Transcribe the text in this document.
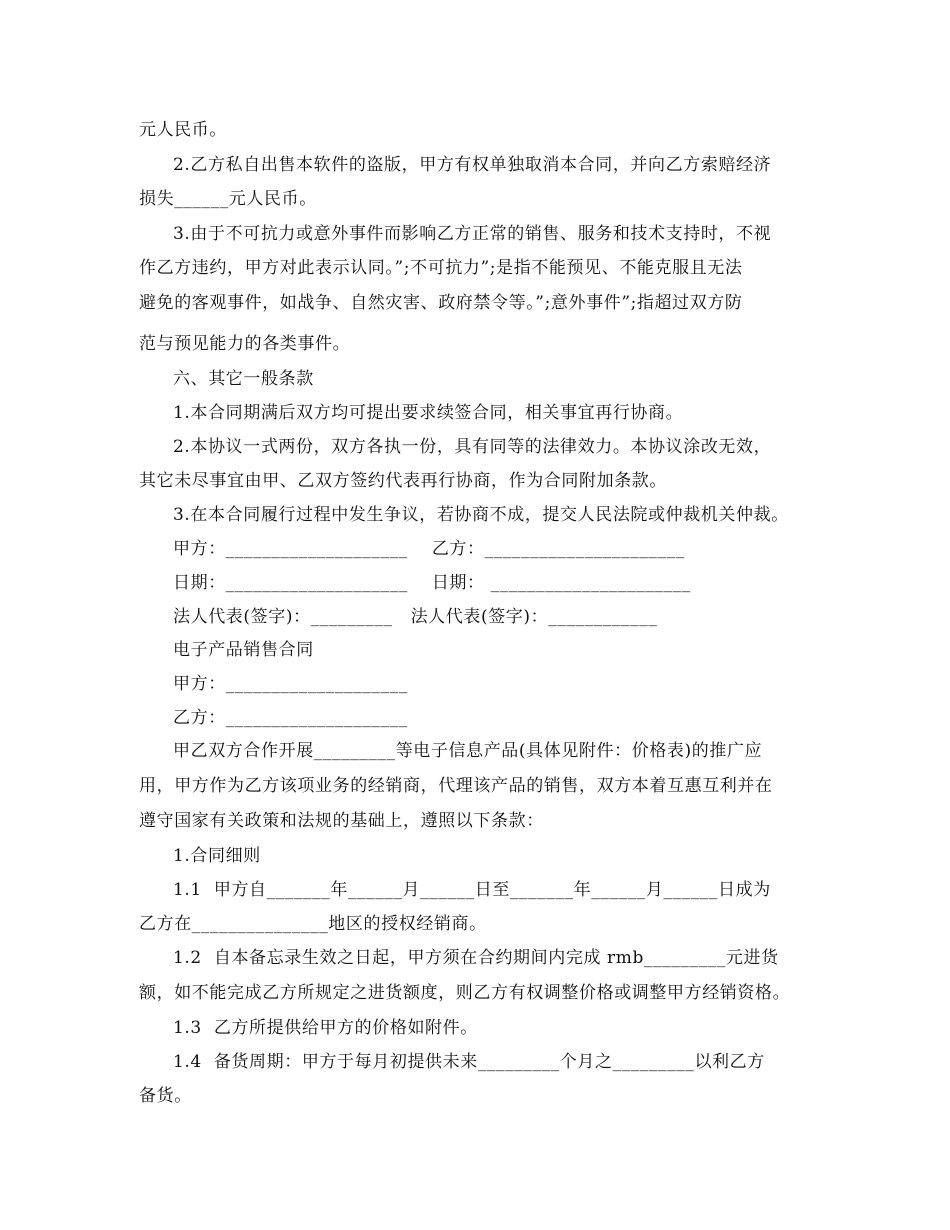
元人民币。
2.乙方私自出售本软件的盗版，甲方有权单独取消本合同，并向乙方索赔经济
损失______元人民币。
3.由于不可抗力或意外事件而影响乙方正常的销售、服务和技术支持时，不视
作乙方违约，甲方对此表示认同。”;不可抗力”;是指不能预见、不能克服且无法
避免的客观事件，如战争、自然灾害、政府禁令等。”;意外事件”;指超过双方防
范与预见能力的各类事件。
六、其它一般条款
1.本合同期满后双方均可提出要求续签合同，相关事宜再行协商。
2.本协议一式两份，双方各执一份，具有同等的法律效力。本协议涂改无效，
其它未尽事宜由甲、乙双方签约代表再行协商，作为合同附加条款。
3.在本合同履行过程中发生争议，若协商不成，提交人民法院或仲裁机关仲裁。
甲方：____________________    乙方：______________________
日期：____________________    日期： ______________________
法人代表(签字)：_________   法人代表(签字)：____________
电子产品销售合同
甲方：____________________
乙方：____________________
甲乙双方合作开展_________等电子信息产品(具体见附件：价格表)的推广应
用，甲方作为乙方该项业务的经销商，代理该产品的销售，双方本着互惠互利并在
遵守国家有关政策和法规的基础上，遵照以下条款：
1.合同细则
1.1  甲方自_______年______月______日至_______年______月______日成为
乙方在_______________地区的授权经销商。
1.2  自本备忘录生效之日起，甲方须在合约期间内完成 rmb_________元进货
额，如不能完成乙方所规定之进货额度，则乙方有权调整价格或调整甲方经销资格。
1.3  乙方所提供给甲方的价格如附件。
1.4  备货周期：甲方于每月初提供未来_________个月之_________以利乙方
备货。
